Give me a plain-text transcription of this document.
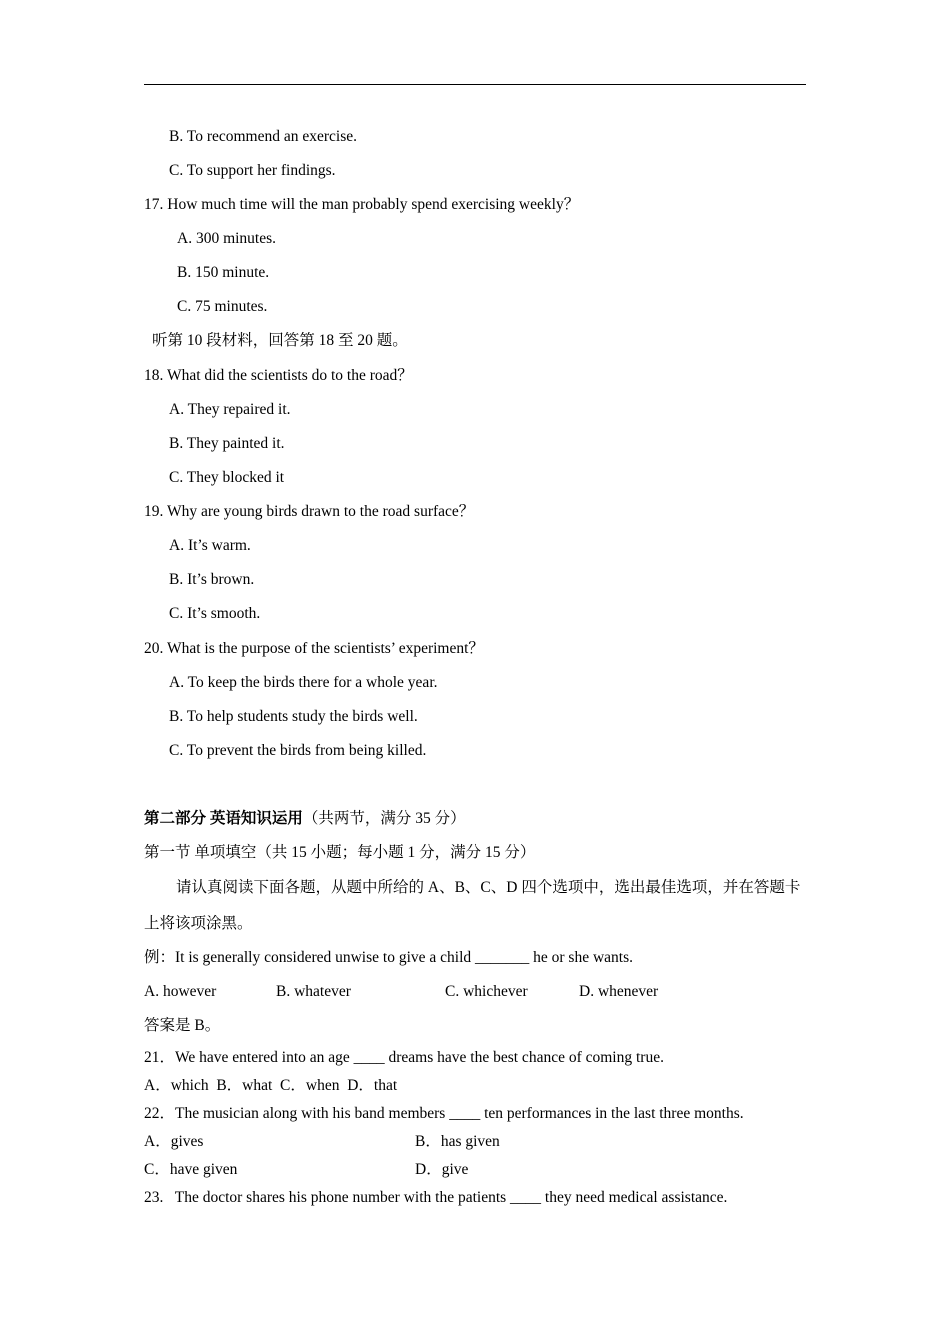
B. To recommend an exercise.
C. To support her findings.
17. How much time will the man probably spend exercising weekly？
A. 300 minutes.
B. 150 minute.
C. 75 minutes.
听第 10 段材料，回答第 18 至 20 题。
18. What did the scientists do to the road？
A. They repaired it.
B. They painted it.
C. They blocked it
19. Why are young birds drawn to the road surface？
A. It’s warm.
B. It’s brown.
C. It’s smooth.
20. What is the purpose of the scientists’ experiment？
A. To keep the birds there for a whole year.
B. To help students study the birds well.
C. To prevent the birds from being killed.
第二部分 英语知识运用（共两节，满分 35 分）
第一节 单项填空（共 15 小题；每小题 1 分，满分 15 分）
请认真阅读下面各题，从题中所给的 A、B、C、D 四个选项中，选出最佳选项，并在答题卡
上将该项涂黑。
例：It is generally considered unwise to give a child _______ he or she wants.
A. however	B. whatever	C. whichever	D. whenever
答案是 B。
21．We have entered into an age ____ dreams have the best chance of coming true.
A．which  B．what  C．when  D．that
22．The musician along with his band members ____ ten performances in the last three months.
A．gives	B．has given
C．have given	D．give
23.   The doctor shares his phone number with the patients ____ they need medical assistance.
